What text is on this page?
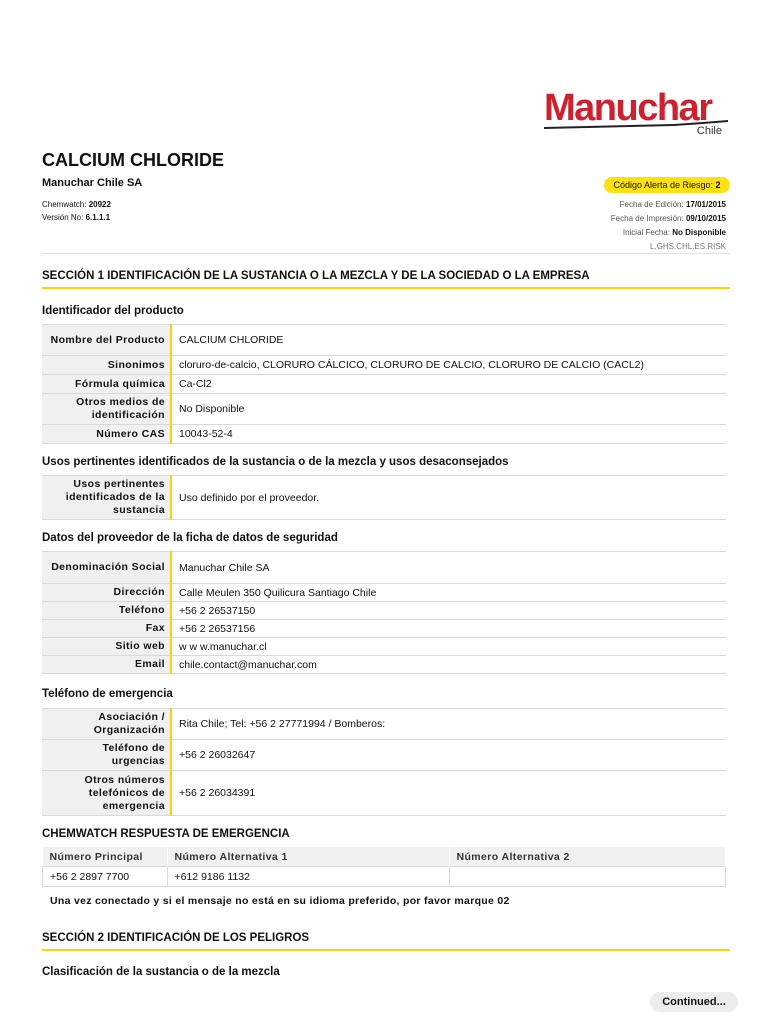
Manuchar
Chile
CALCIUM CHLORIDE
Manuchar Chile SA
Chemwatch: 20922
Versión No: 6.1.1.1
Código Alerta de Riesgo: 2
Fecha de Edición: 17/01/2015
Fecha de Impresión: 09/10/2015
Inicial Fecha: No Disponible
L.GHS.CHL.ES.RISK
SECCIÓN 1 IDENTIFICACIÓN DE LA SUSTANCIA O LA MEZCLA Y DE LA SOCIEDAD O LA EMPRESA
Identificador del producto
Nombre del Producto	CALCIUM CHLORIDE
Sinonimos	cloruro-de-calcio, CLORURO CÁLCICO, CLORURO DE CALCIO, CLORURO DE CALCIO (CACL2)
Fórmula química	Ca-Cl2
Otros medios de identificación	No Disponible
Número CAS	10043-52-4
Usos pertinentes identificados de la sustancia o de la mezcla y usos desaconsejados
Usos pertinentes identificados de la sustancia	Uso definido por el proveedor.
Datos del proveedor de la ficha de datos de seguridad
Denominación Social	Manuchar Chile SA
Dirección	Calle Meulen 350 Quilicura Santiago Chile
Teléfono	+56 2 26537150
Fax	+56 2 26537156
Sitio web	w w w.manuchar.cl
Email	chile.contact@manuchar.com
Teléfono de emergencia
Asociación / Organización	Rita Chile; Tel: +56 2 27771994 / Bomberos:
Teléfono de urgencias	+56 2 26032647
Otros números telefónicos de emergencia	+56 2 26034391
CHEMWATCH RESPUESTA DE EMERGENCIA
Número Principal	Número Alternativa 1	Número Alternativa 2
+56 2 2897 7700	+612 9186 1132	
Una vez conectado y si el mensaje no está en su idioma preferido, por favor marque 02
SECCIÓN 2 IDENTIFICACIÓN DE LOS PELIGROS
Clasificación de la sustancia o de la mezcla
Continued...
